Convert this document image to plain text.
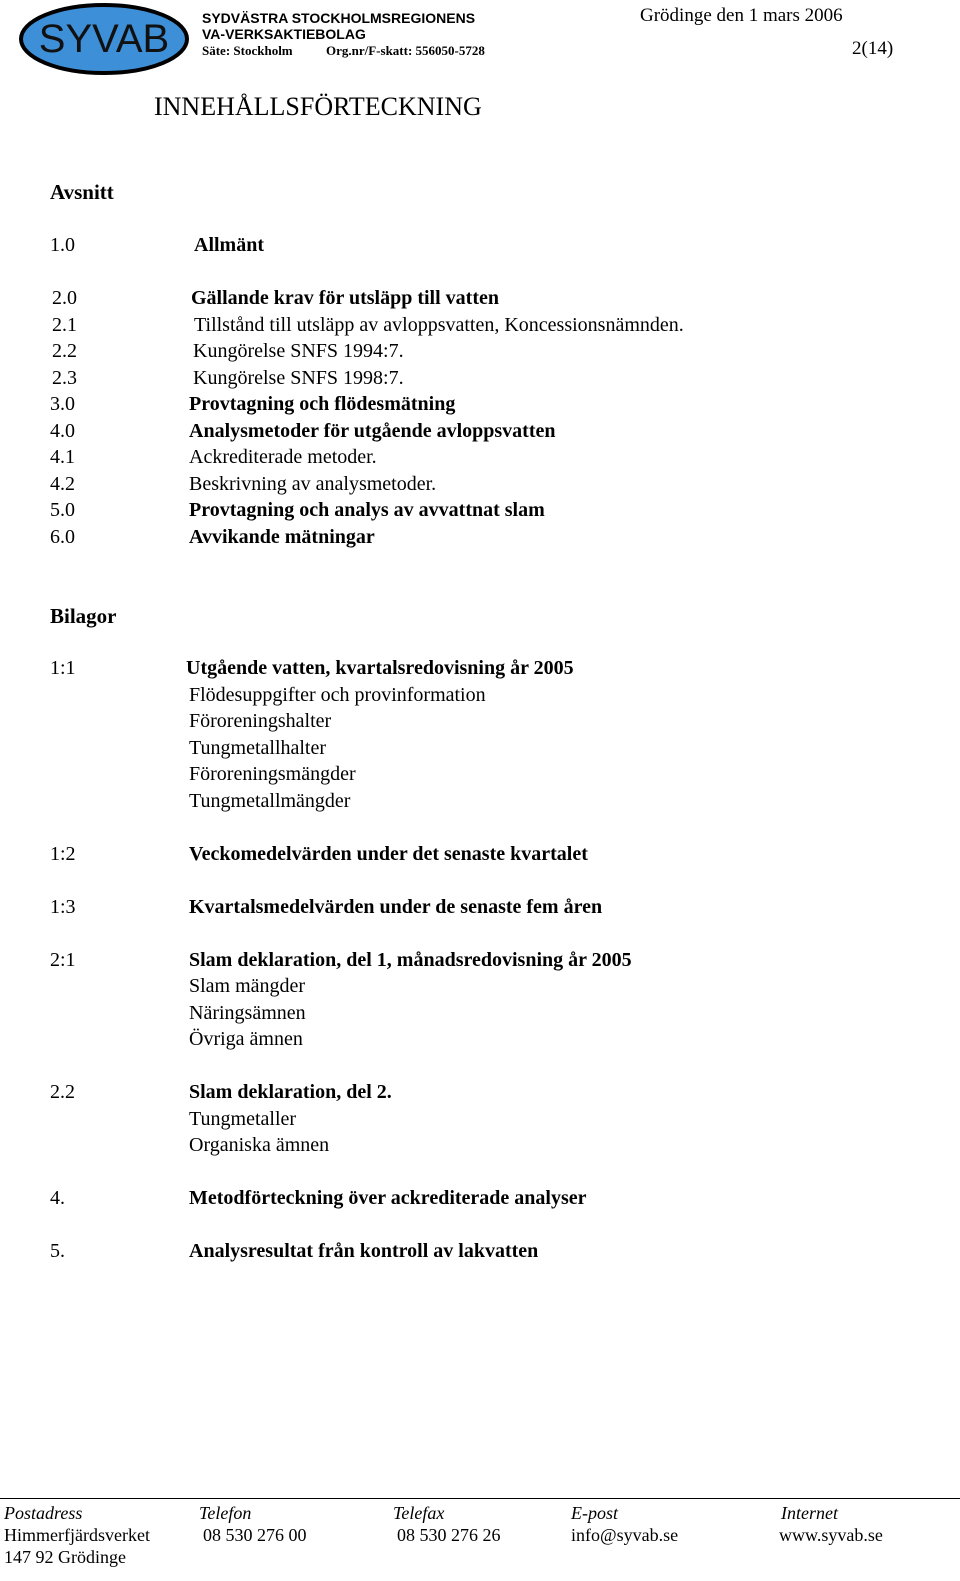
SYVAB SYDVÄSTRA STOCKHOLMSREGIONENS
VA-VERKSAKTIEBOLAG
Säte: Stockholm	Org.nr/F-skatt: 556050-5728
Grödinge den 1 mars 2006
2(14)
INNEHÅLLSFÖRTECKNING
Avsnitt
1.0	Allmänt
2.0	Gällande krav för utsläpp till vatten
2.1	Tillstånd till utsläpp av avloppsvatten, Koncessionsnämnden.
2.2	Kungörelse SNFS 1994:7.
2.3	Kungörelse SNFS 1998:7.
3.0	Provtagning och flödesmätning
4.0	Analysmetoder för utgående avloppsvatten
4.1	Ackrediterade metoder.
4.2	Beskrivning av analysmetoder.
5.0	Provtagning och analys av avvattnat slam
6.0	Avvikande mätningar
Bilagor
1:1	Utgående vatten, kvartalsredovisning år 2005
Flödesuppgifter och provinformation
Föroreningshalter
Tungmetallhalter
Föroreningsmängder
Tungmetallmängder
1:2	Veckomedelvärden under det senaste kvartalet
1:3	Kvartalsmedelvärden under de senaste fem åren
2:1	Slam deklaration, del 1, månadsredovisning år 2005
Slam mängder
Näringsämnen
Övriga ämnen
2.2	Slam deklaration, del 2.
Tungmetaller
Organiska ämnen
4.	Metodförteckning över ackrediterade analyser
5.	Analysresultat från kontroll av lakvatten
Postadress	Telefon	Telefax	E-post	Internet
Himmerfjärdsverket	08 530 276 00	08 530 276 26	info@syvab.se	www.syvab.se
147 92 Grödinge
